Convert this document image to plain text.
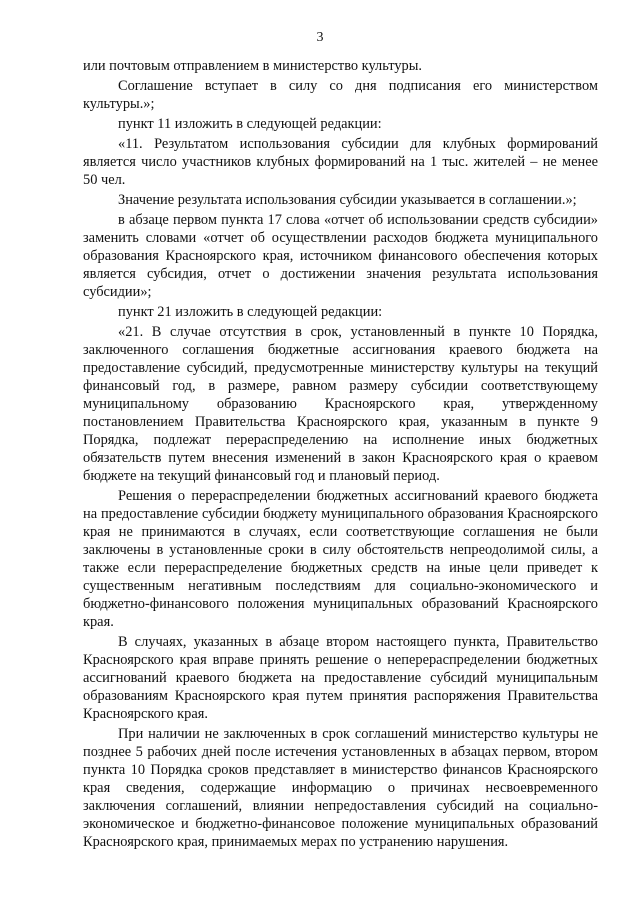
3

или почтовым отправлением в министерство культуры.

Соглашение вступает в силу со дня подписания его министерством культуры.»;

пункт 11 изложить в следующей редакции:

«11. Результатом использования субсидии для клубных формирований является число участников клубных формирований на 1 тыс. жителей – не менее 50 чел.

Значение результата использования субсидии указывается в соглашении.»;

в абзаце первом пункта 17 слова «отчет об использовании средств субсидии» заменить словами «отчет об осуществлении расходов бюджета муниципального образования Красноярского края, источником финансового обеспечения которых является субсидия, отчет о достижении значения результата использования субсидии»;

пункт 21 изложить в следующей редакции:

«21. В случае отсутствия в срок, установленный в пункте 10 Порядка, заключенного соглашения бюджетные ассигнования краевого бюджета на предоставление субсидий, предусмотренные министерству культуры на текущий финансовый год, в размере, равном размеру субсидии соответствующему муниципальному образованию Красноярского края, утвержденному постановлением Правительства Красноярского края, указанным в пункте 9 Порядка, подлежат перераспределению на исполнение иных бюджетных обязательств путем внесения изменений в закон Красноярского края о краевом бюджете на текущий финансовый год и плановый период.

Решения о перераспределении бюджетных ассигнований краевого бюджета на предоставление субсидии бюджету муниципального образования Красноярского края не принимаются в случаях, если соответствующие соглашения не были заключены в установленные сроки в силу обстоятельств непреодолимой силы, а также если перераспределение бюджетных средств на иные цели приведет к существенным негативным последствиям для социально-экономического и бюджетно-финансового положения муниципальных образований Красноярского края.

В случаях, указанных в абзаце втором настоящего пункта, Правительство Красноярского края вправе принять решение о неперераспределении бюджетных ассигнований краевого бюджета на предоставление субсидий муниципальным образованиям Красноярского края путем принятия распоряжения Правительства Красноярского края.

При наличии не заключенных в срок соглашений министерство культуры не позднее 5 рабочих дней после истечения установленных в абзацах первом, втором пункта 10 Порядка сроков представляет в министерство финансов Красноярского края сведения, содержащие информацию о причинах несвоевременного заключения соглашений, влиянии непредоставления субсидий на социально-экономическое и бюджетно-финансовое положение муниципальных образований Красноярского края, принимаемых мерах по устранению нарушения.
